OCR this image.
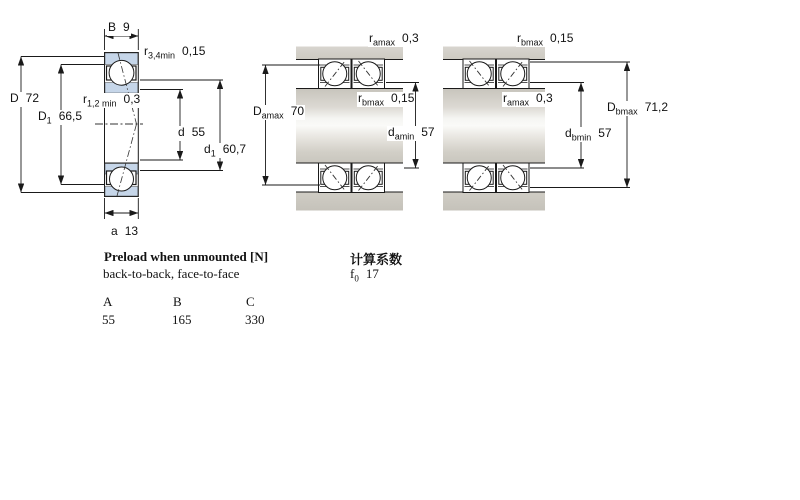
B 9
$r_{3,4min}$ 0,15
D 72
$D_1$ 66,5
$r_{1,2 min}$ 0,3
d 55
$d_1$ 60,7
a 13
$r_{amax}$ 0,3
$r_{bmax}$ 0,15
$D_{amax}$ 70
$d_{amin}$ 57
$r_{bmax}$ 0,15
$r_{amax}$ 0,3
$D_{bmax}$ 71,2
$d_{bmin}$ 57
Preload when unmounted [N]
back-to-back, face-to-face
计算系数
$f_0$ 17
A	B	C
55	165	330
